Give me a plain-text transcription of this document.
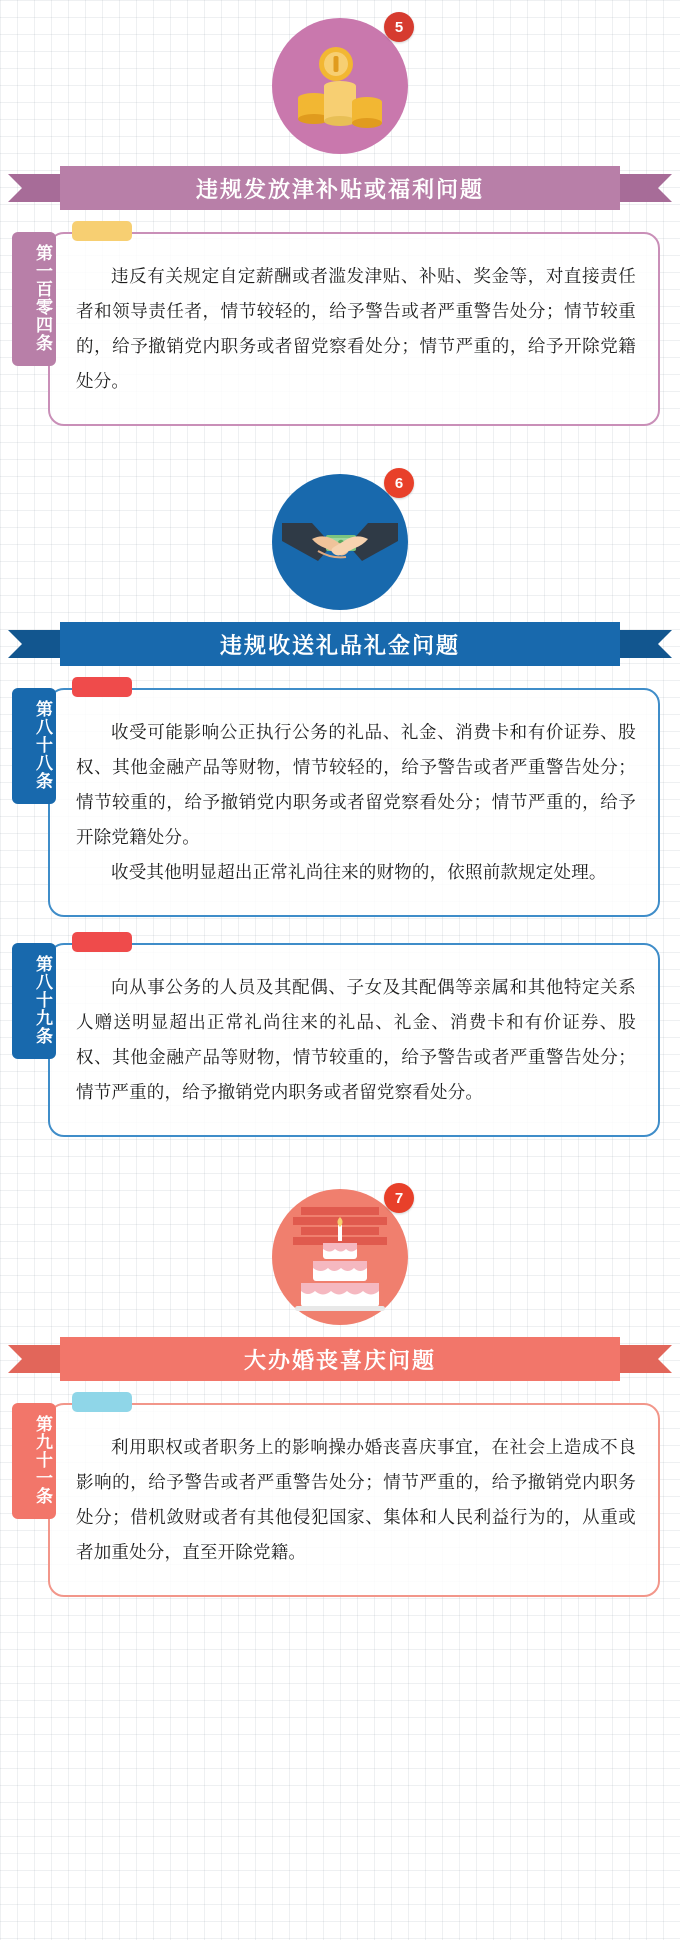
5
违规发放津补贴或福利问题
第一百零四条	违反有关规定自定薪酬或者滥发津贴、补贴、奖金等，对直接责任者和领导责任者，情节较轻的，给予警告或者严重警告处分；情节较重的，给予撤销党内职务或者留党察看处分；情节严重的，给予开除党籍处分。

6
违规收送礼品礼金问题
第八十八条	收受可能影响公正执行公务的礼品、礼金、消费卡和有价证券、股权、其他金融产品等财物，情节较轻的，给予警告或者严重警告处分；情节较重的，给予撤销党内职务或者留党察看处分；情节严重的，给予开除党籍处分。

收受其他明显超出正常礼尚往来的财物的，依照前款规定处理。

第八十九条	向从事公务的人员及其配偶、子女及其配偶等亲属和其他特定关系人赠送明显超出正常礼尚往来的礼品、礼金、消费卡和有价证券、股权、其他金融产品等财物，情节较重的，给予警告或者严重警告处分；情节严重的，给予撤销党内职务或者留党察看处分。

7
大办婚丧喜庆问题
第九十一条	利用职权或者职务上的影响操办婚丧喜庆事宜，在社会上造成不良影响的，给予警告或者严重警告处分；情节严重的，给予撤销党内职务处分；借机敛财或者有其他侵犯国家、集体和人民利益行为的，从重或者加重处分，直至开除党籍。
